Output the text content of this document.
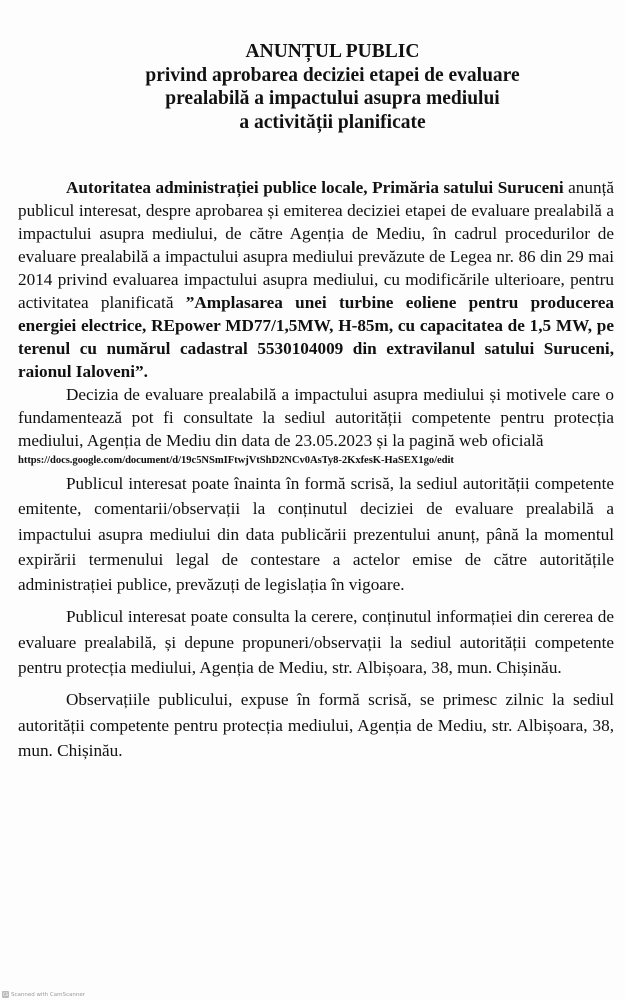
ANUNȚUL PUBLIC
privind aprobarea deciziei etapei de evaluare
prealabilă a impactului asupra mediului
a activității planificate

Autoritatea administrației publice locale, Primăria satului Suruceni anunță publicul interesat, despre aprobarea și emiterea deciziei etapei de evaluare prealabilă a impactului asupra mediului, de către Agenția de Mediu, în cadrul procedurilor de evaluare prealabilă a impactului asupra mediului prevăzute de Legea nr. 86 din 29 mai 2014 privind evaluarea impactului asupra mediului, cu modificările ulterioare, pentru activitatea planificată ”Amplasarea unei turbine eoliene pentru producerea energiei electrice, REpower MD77/1,5MW, H-85m, cu capacitatea de 1,5 MW, pe terenul cu numărul cadastral 5530104009 din extravilanul satului Suruceni, raionul Ialoveni”.

Decizia de evaluare prealabilă a impactului asupra mediului și motivele care o fundamentează pot fi consultate la sediul autorității competente pentru protecția mediului, Agenția de Mediu din data de 23.05.2023 și la pagină web oficială

https://docs.google.com/document/d/19c5NSmIFtwjVtShD2NCv0AsTy8-2KxfesK-HaSEX1go/edit

Publicul interesat poate înainta în formă scrisă, la sediul autorității competente emitente, comentarii/observații la conținutul deciziei de evaluare prealabilă a impactului asupra mediului din data publicării prezentului anunț, până la momentul expirării termenului legal de contestare a actelor emise de către autoritățile administrației publice, prevăzuți de legislația în vigoare.

Publicul interesat poate consulta la cerere, conținutul informației din cererea de evaluare prealabilă, și depune propuneri/observații la sediul autorității competente pentru protecția mediului, Agenția de Mediu, str. Albișoara, 38, mun. Chișinău.

Observațiile publicului, expuse în formă scrisă, se primesc zilnic la sediul autorității competente pentru protecția mediului, Agenția de Mediu, str. Albișoara, 38, mun. Chișinău.

CS Scanned with CamScanner
